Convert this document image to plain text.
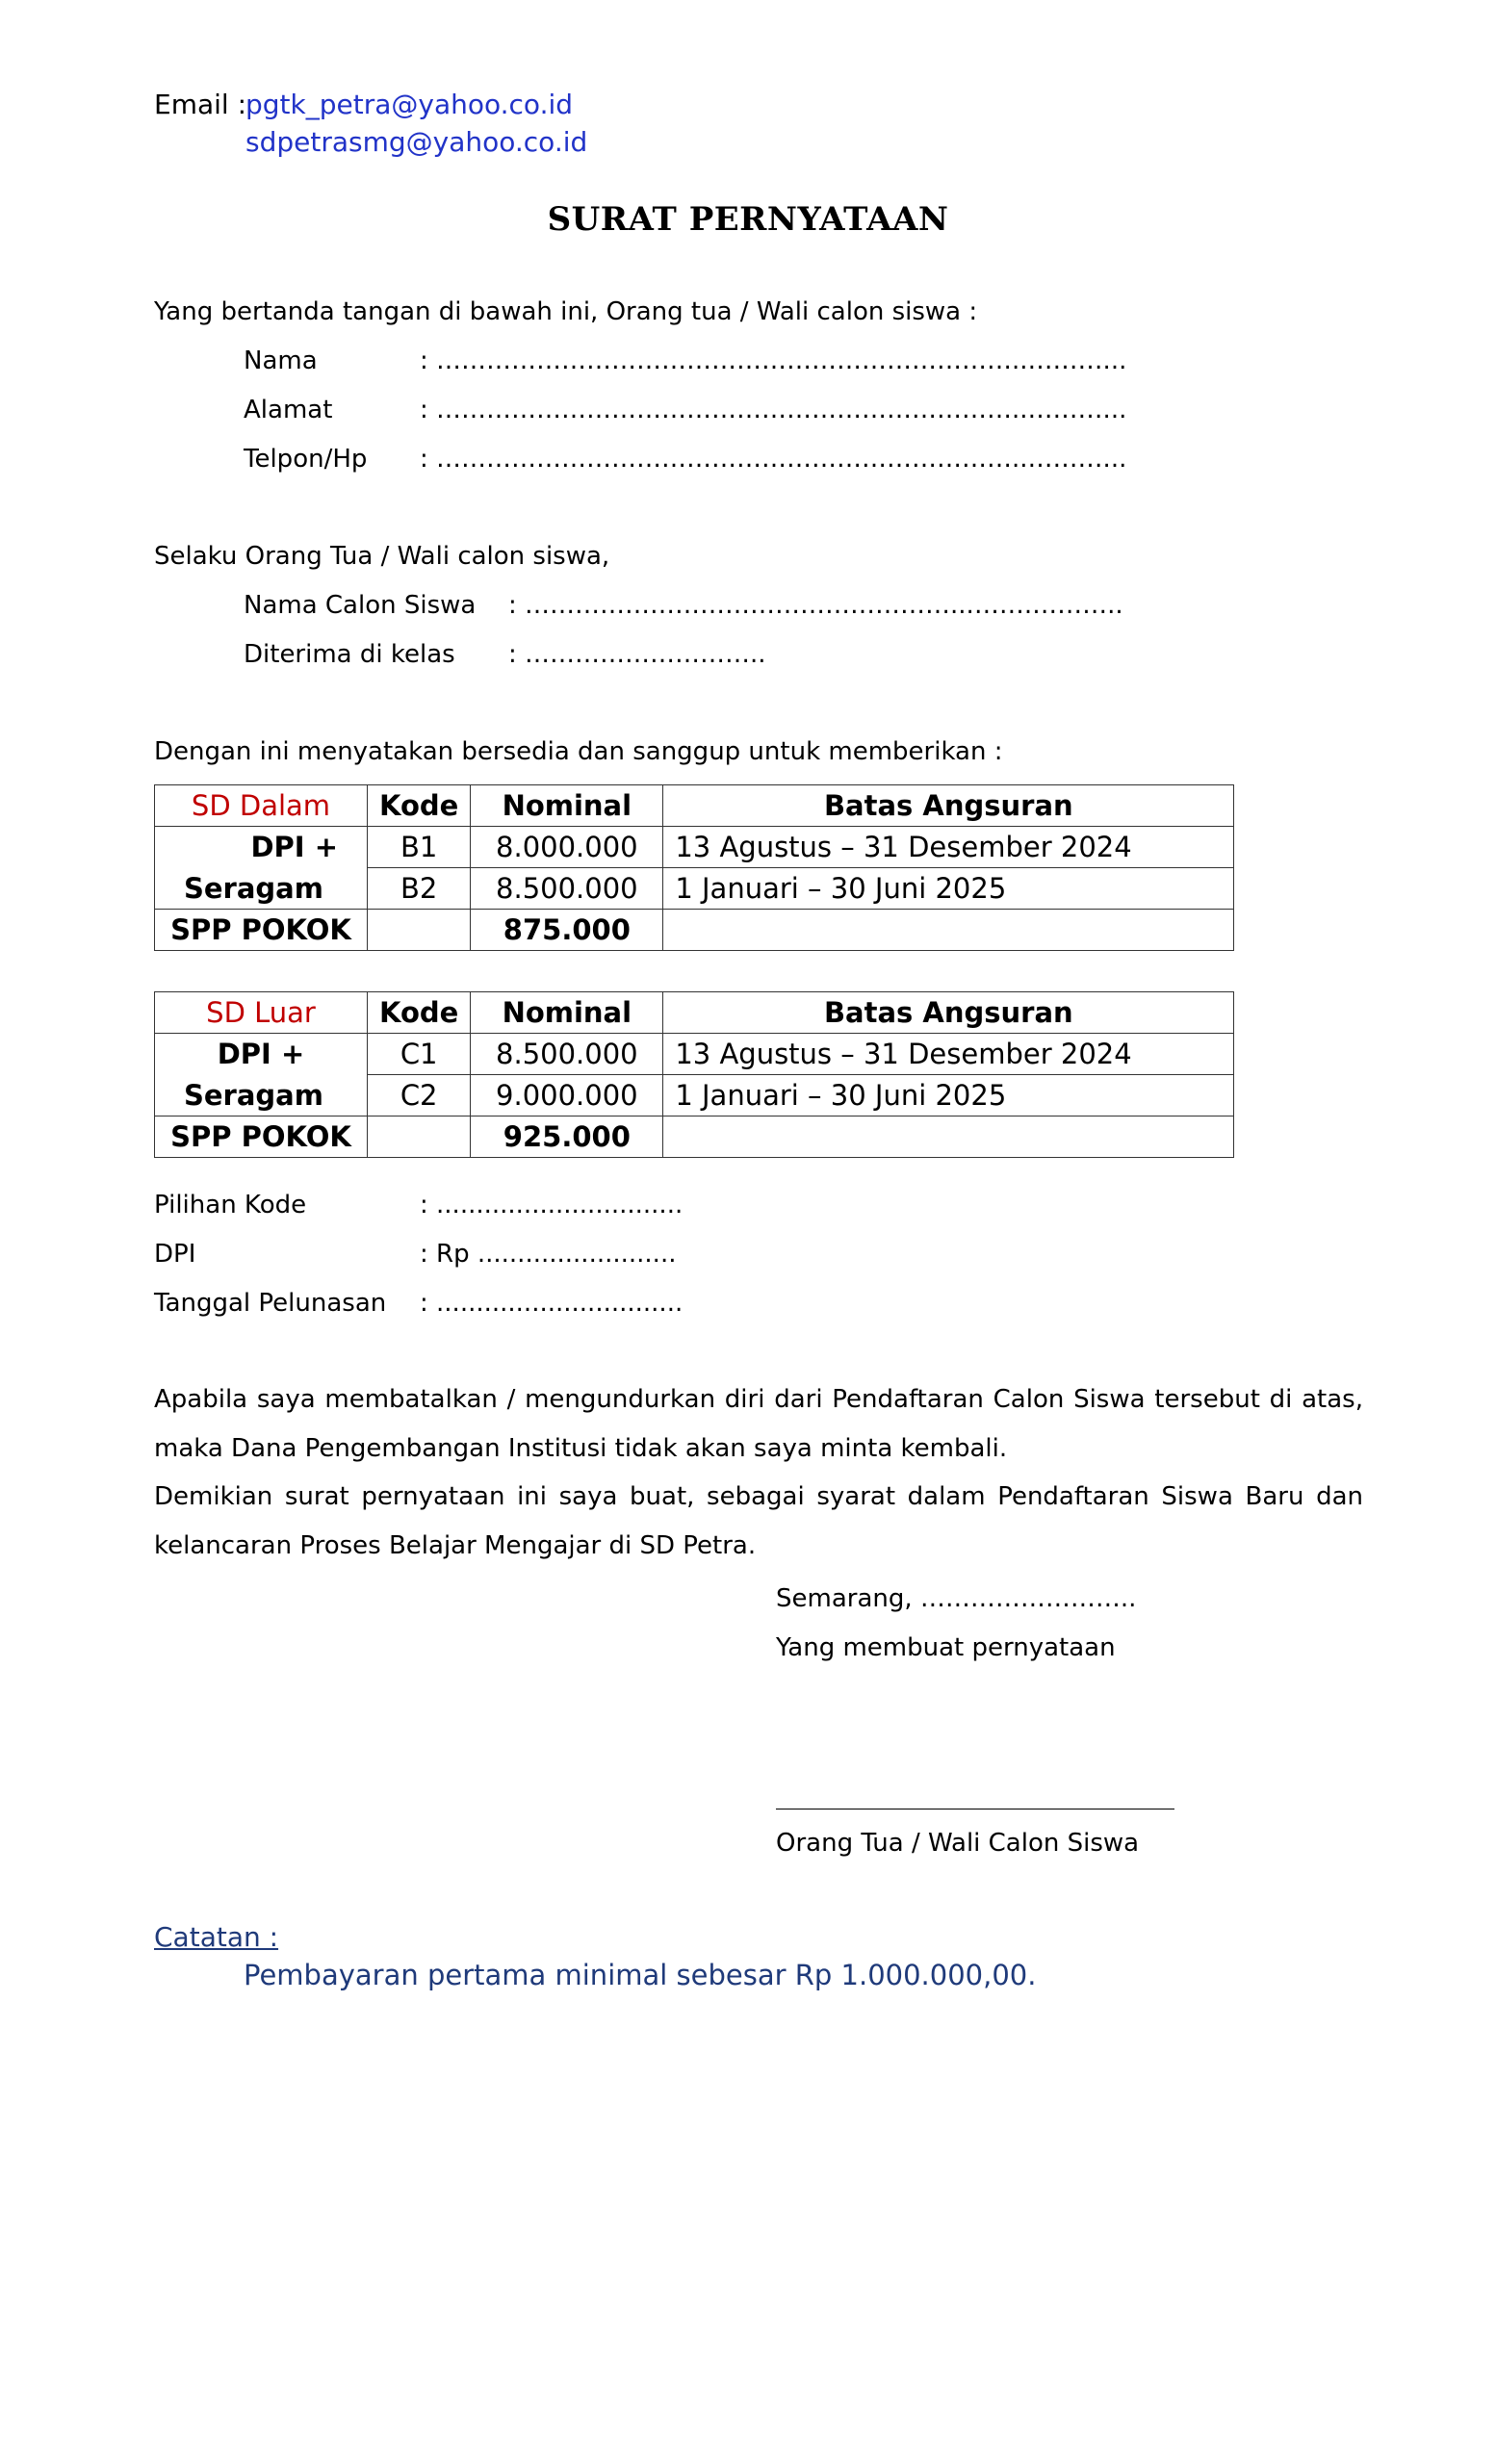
Email :
pgtk_petra@yahoo.co.id
sdpetrasmg@yahoo.co.id
SURAT PERNYATAAN
Yang bertanda tangan di bawah ini, Orang tua / Wali calon siswa :
Nama	: ……………………………………………………………..………...
Alamat	: ……………………………………………………………..………...
Telpon/Hp : ……………………………………………………………..………...
Selaku Orang Tua / Wali calon siswa,
Nama Calon Siswa : ……………………………………………...…….………..
Diterima di kelas : ………………………..
Dengan ini menyatakan bersedia dan sanggup untuk memberikan :
SD Dalam	Kode	Nominal	Batas Angsuran
DPI +	B1	8.000.000	13 Agustus – 31 Desember 2024
Seragam	B2	8.500.000	1 Januari – 30 Juni 2025
SPP POKOK		875.000	
SD Luar	Kode	Nominal	Batas Angsuran
DPI +	C1	8.500.000	13 Agustus – 31 Desember 2024
Seragam	C2	9.000.000	1 Januari – 30 Juni 2025
SPP POKOK		925.000	
Pilihan Kode	: ...............................
DPI	: Rp .........................
Tanggal Pelunasan : ...............................
Apabila saya membatalkan / mengundurkan diri dari Pendaftaran Calon Siswa tersebut di atas, maka Dana Pengembangan Institusi tidak akan saya minta kembali.
Demikian surat pernyataan ini saya buat, sebagai syarat dalam Pendaftaran Siswa Baru dan kelancaran Proses Belajar Mengajar di SD Petra.
Semarang, ……………………..
Yang membuat pernyataan
Orang Tua / Wali Calon Siswa
Catatan :
Pembayaran pertama minimal sebesar Rp 1.000.000,00.
